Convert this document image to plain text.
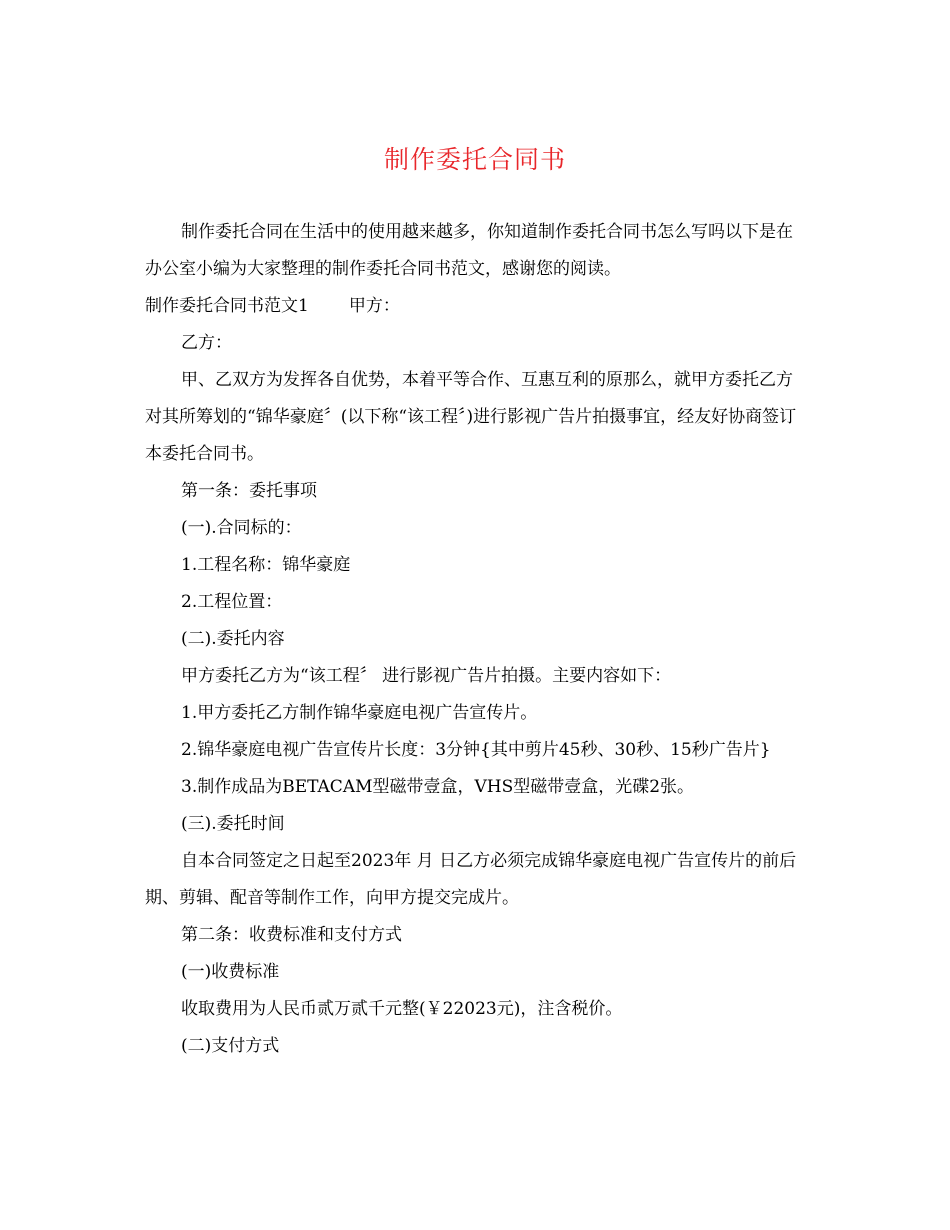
制作委托合同书

制作委托合同在生活中的使用越来越多，你知道制作委托合同书怎么写吗以下是在办公室小编为大家整理的制作委托合同书范文，感谢您的阅读。

制作委托合同书范文1 甲方：

乙方：

甲、乙双方为发挥各自优势，本着平等合作、互惠互利的原那么，就甲方委托乙方对其所筹划的“锦华豪庭〞(以下称“该工程〞)进行影视广告片拍摄事宜，经友好协商签订本委托合同书。

第一条：委托事项

(一).合同标的：

1.工程名称：锦华豪庭

2.工程位置：

(二).委托内容

甲方委托乙方为“该工程〞 进行影视广告片拍摄。主要内容如下：

1.甲方委托乙方制作锦华豪庭电视广告宣传片。

2.锦华豪庭电视广告宣传片长度：3分钟{其中剪片45秒、30秒、15秒广告片}

3.制作成品为BETACAM型磁带壹盒，VHS型磁带壹盒，光碟2张。

(三).委托时间

自本合同签定之日起至2023年 月 日乙方必须完成锦华豪庭电视广告宣传片的前后期、剪辑、配音等制作工作，向甲方提交完成片。

第二条：收费标准和支付方式

(一)收费标准

收取费用为人民币贰万贰千元整(￥22023元)，注含税价。

(二)支付方式
